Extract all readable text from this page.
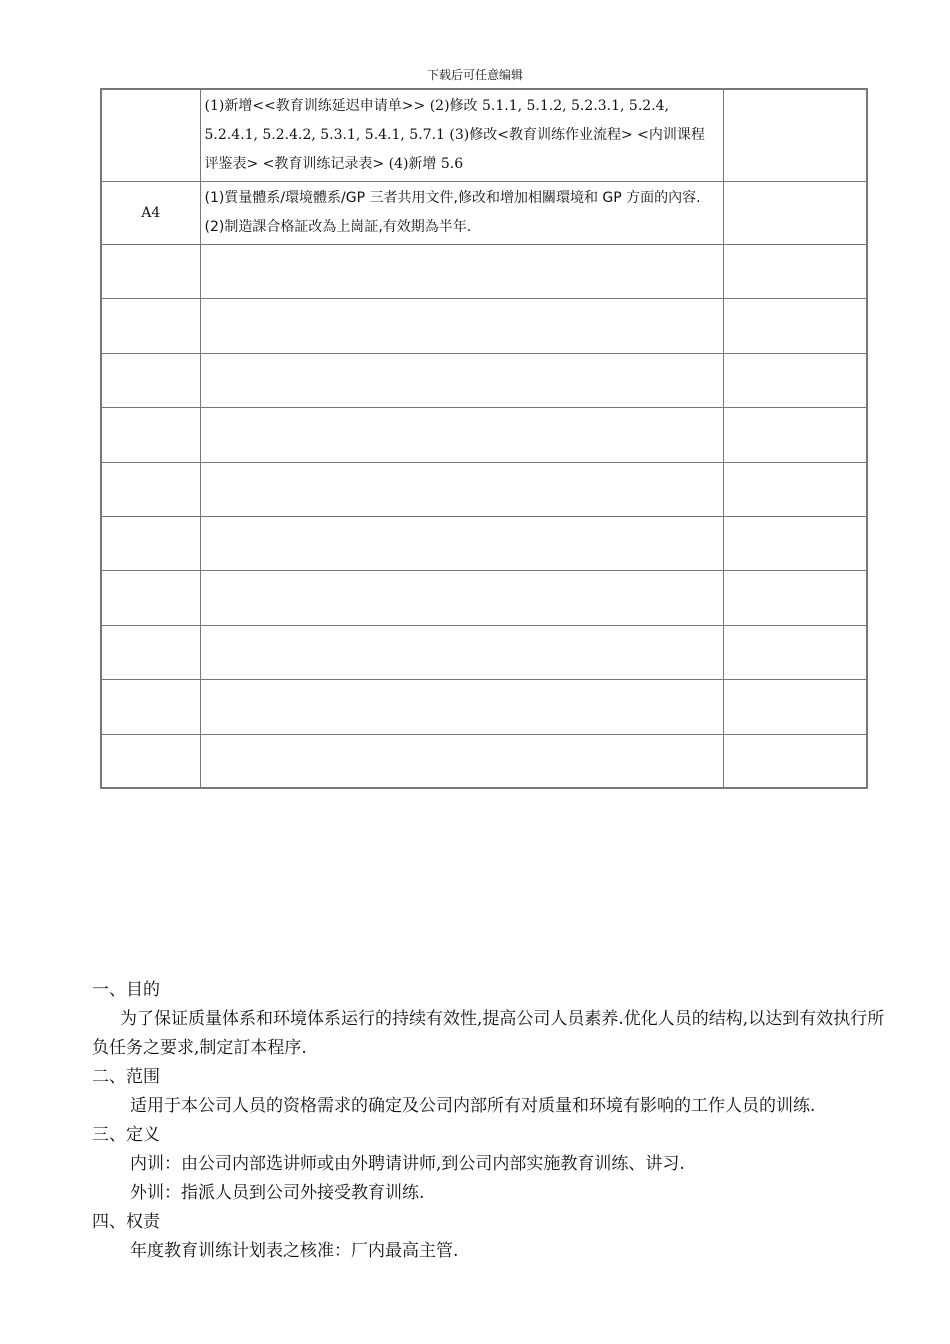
下载后可任意编辑
	(1)新增<<教育训练延迟申请单>> (2)修改 5.1.1, 5.1.2, 5.2.3.1, 5.2.4, 5.2.4.1, 5.2.4.2, 5.3.1, 5.4.1, 5.7.1 (3)修改<教育训练作业流程> <内训课程评鉴表> <教育训练记录表> (4)新增 5.6	
A4	(1)質量體系/環境體系/GP 三者共用文件,修改和增加相關環境和 GP 方面的內容.(2)制造課合格証改為上崗証,有效期為半年.	

一、目的

为了保证质量体系和环境体系运行的持续有效性,提高公司人员素养.优化人员的结构,以达到有效执行所负任务之要求,制定訂本程序.

二、范围

适用于本公司人员的资格需求的确定及公司内部所有对质量和环境有影响的工作人员的训练.

三、定义

内训：由公司内部选讲师或由外聘请讲师,到公司内部实施教育训练、讲习.

外训：指派人员到公司外接受教育训练.

四、权责

年度教育训练计划表之核准：厂内最高主管.
